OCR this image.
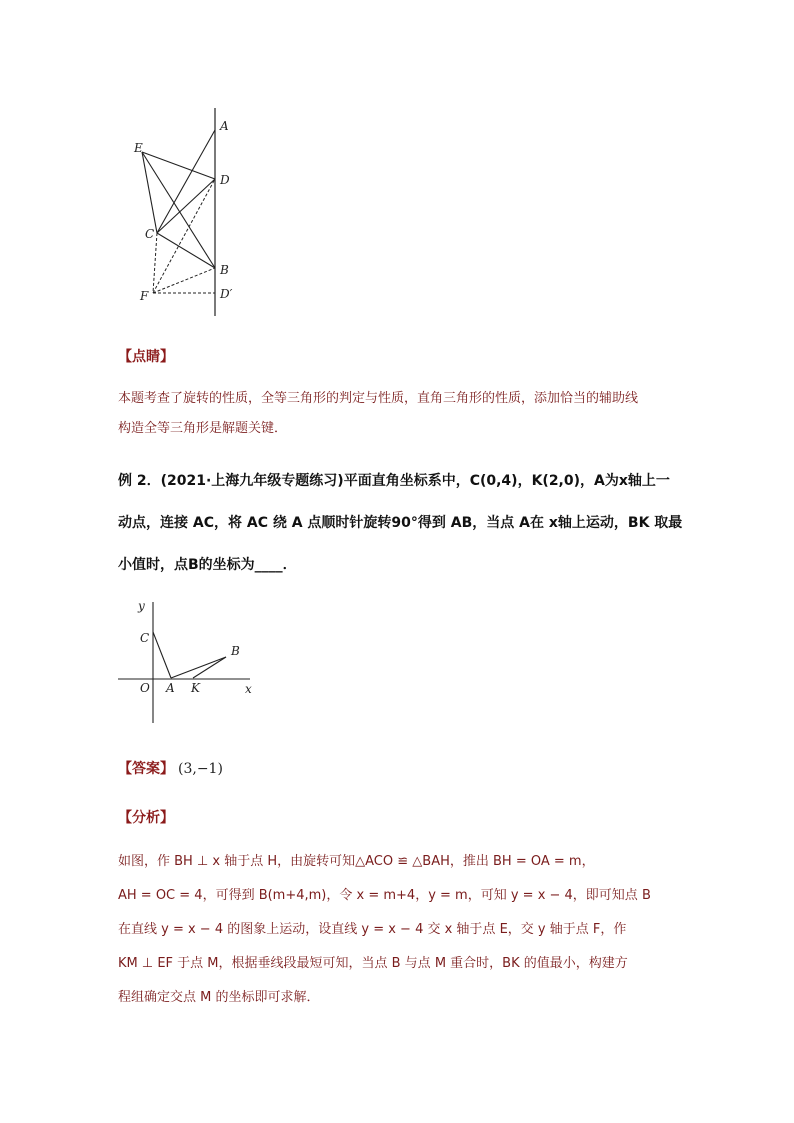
A
E
D
C
B
F	D′
【点睛】
本题考查了旋转的性质，全等三角形的判定与性质，直角三角形的性质，添加恰当的辅助线
构造全等三角形是解题关键．
例 2．(2021·上海九年级专题练习)平面直角坐标系中，C(0,4)，K(2,0)，A为x轴上一
动点，连接 AC，将 AC 绕 A 点顺时针旋转90°得到 AB，当点 A在 x轴上运动，BK 取最
小值时，点B的坐标为____．
y
C
B
O A K	x
【答案】 (3,−1)
【分析】
如图，作 BH ⊥ x 轴于点 H，由旋转可知△ACO ≌ △BAH，推出 BH = OA = m，
AH = OC = 4，可得到 B(m+4,m)，令 x = m+4，y = m，可知 y = x − 4，即可知点 B
在直线 y = x − 4 的图象上运动，设直线 y = x − 4 交 x 轴于点 E，交 y 轴于点 F，作
KM ⊥ EF 于点 M，根据垂线段最短可知，当点 B 与点 M 重合时，BK 的值最小，构建方
程组确定交点 M 的坐标即可求解．
